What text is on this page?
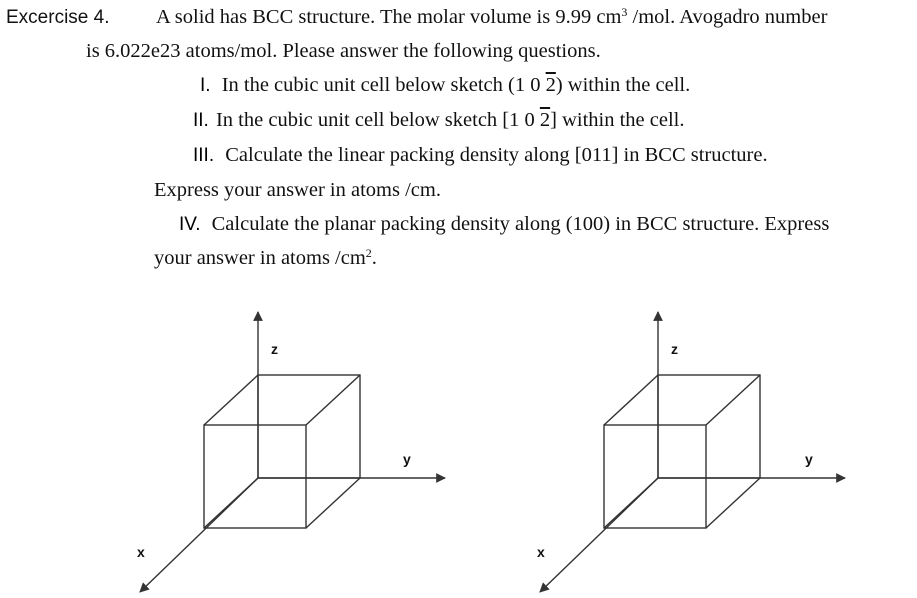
Excercise 4. A solid has BCC structure. The molar volume is 9.99 $cm^3$ /mol. Avogadro number
is 6.022e23 atoms/mol. Please answer the following questions.
I. In the cubic unit cell below sketch (1 0 2) within the cell.
II. In the cubic unit cell below sketch [1 0 2] within the cell.
III. Calculate the linear packing density along [011] in BCC structure.
Express your answer in atoms /cm.
IV. Calculate the planar packing density along (100) in BCC structure. Express
your answer in atoms $/cm^2$.
z
y
x
z
y
x
